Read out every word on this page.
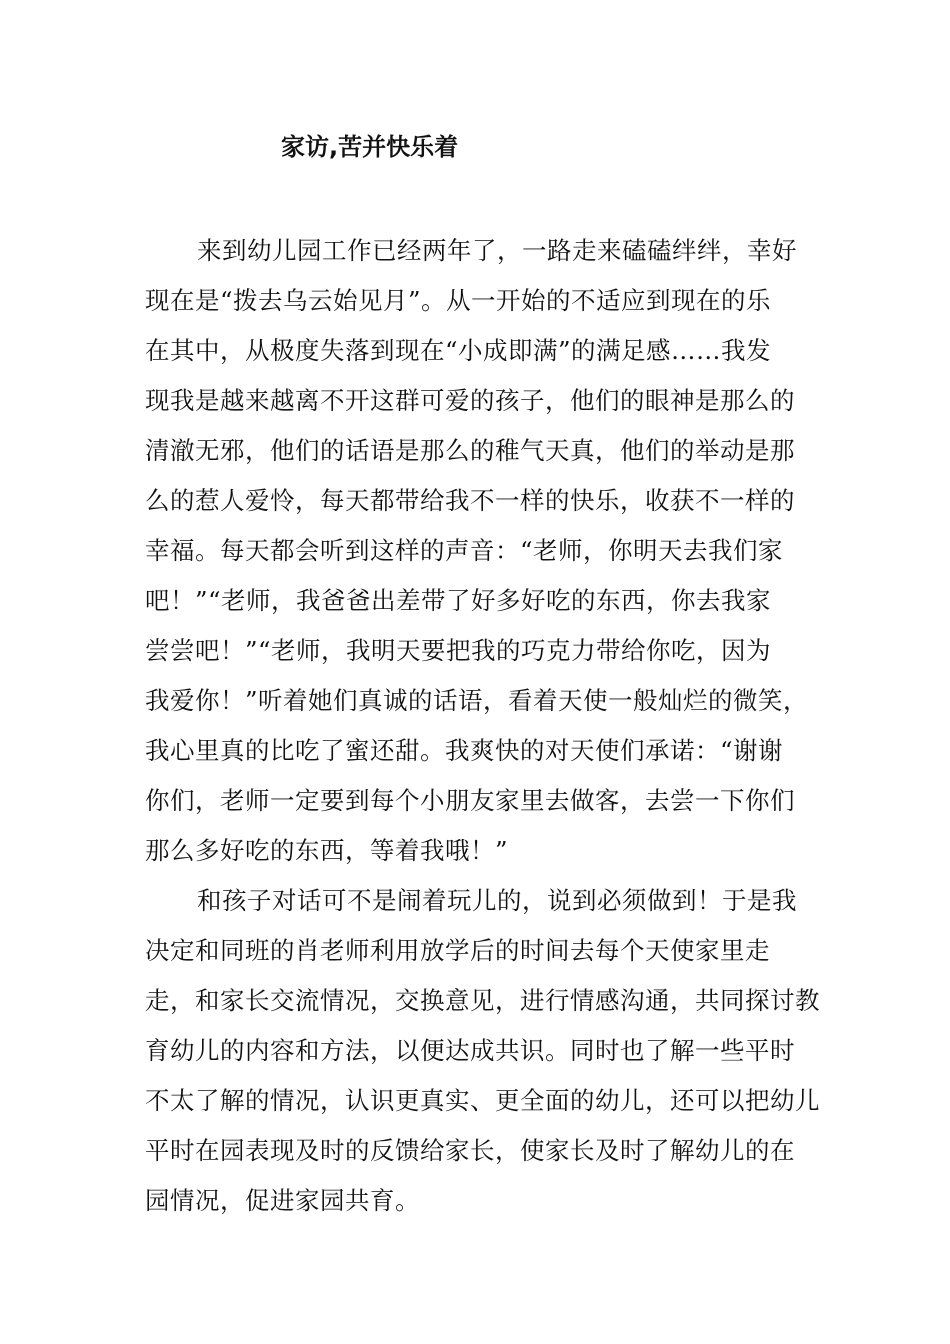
家访,苦并快乐着
来到幼儿园工作已经两年了，一路走来磕磕绊绊，幸好
现在是“拨去乌云始见月”。从一开始的不适应到现在的乐
在其中，从极度失落到现在“小成即满”的满足感……我发
现我是越来越离不开这群可爱的孩子，他们的眼神是那么的
清澈无邪，他们的话语是那么的稚气天真，他们的举动是那
么的惹人爱怜，每天都带给我不一样的快乐，收获不一样的
幸福。每天都会听到这样的声音：“老师，你明天去我们家
吧！”“老师，我爸爸出差带了好多好吃的东西，你去我家
尝尝吧！”“老师，我明天要把我的巧克力带给你吃，因为
我爱你！”听着她们真诚的话语，看着天使一般灿烂的微笑，
我心里真的比吃了蜜还甜。我爽快的对天使们承诺：“谢谢
你们，老师一定要到每个小朋友家里去做客，去尝一下你们
那么多好吃的东西，等着我哦！”
和孩子对话可不是闹着玩儿的，说到必须做到！于是我
决定和同班的肖老师利用放学后的时间去每个天使家里走
走，和家长交流情况，交换意见，进行情感沟通，共同探讨教
育幼儿的内容和方法，以便达成共识。同时也了解一些平时
不太了解的情况，认识更真实、更全面的幼儿，还可以把幼儿
平时在园表现及时的反馈给家长，使家长及时了解幼儿的在
园情况，促进家园共育。
